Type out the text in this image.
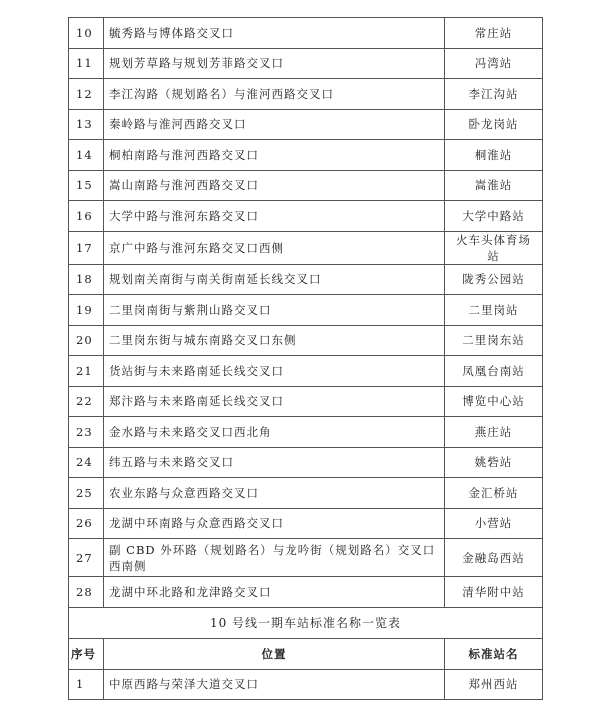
10	毓秀路与博体路交叉口	常庄站
11	规划芳草路与规划芳菲路交叉口	冯湾站
12	李江沟路（规划路名）与淮河西路交叉口	李江沟站
13	秦岭路与淮河西路交叉口	卧龙岗站
14	桐柏南路与淮河西路交叉口	桐淮站
15	嵩山南路与淮河西路交叉口	嵩淮站
16	大学中路与淮河东路交叉口	大学中路站
17	京广中路与淮河东路交叉口西侧	火车头体育场站
18	规划南关南街与南关街南延长线交叉口	陇秀公园站
19	二里岗南街与紫荆山路交叉口	二里岗站
20	二里岗东街与城东南路交叉口东侧	二里岗东站
21	货站街与未来路南延长线交叉口	凤凰台南站
22	郑汴路与未来路南延长线交叉口	博览中心站
23	金水路与未来路交叉口西北角	燕庄站
24	纬五路与未来路交叉口	姚砦站
25	农业东路与众意西路交叉口	金汇桥站
26	龙湖中环南路与众意西路交叉口	小营站
27	副 CBD 外环路（规划路名）与龙吟街（规划路名）交叉口西南侧	金融岛西站
28	龙湖中环北路和龙津路交叉口	清华附中站
10 号线一期车站标准名称一览表		
序号	位置	标准站名
1	中原西路与荣泽大道交叉口	郑州西站
